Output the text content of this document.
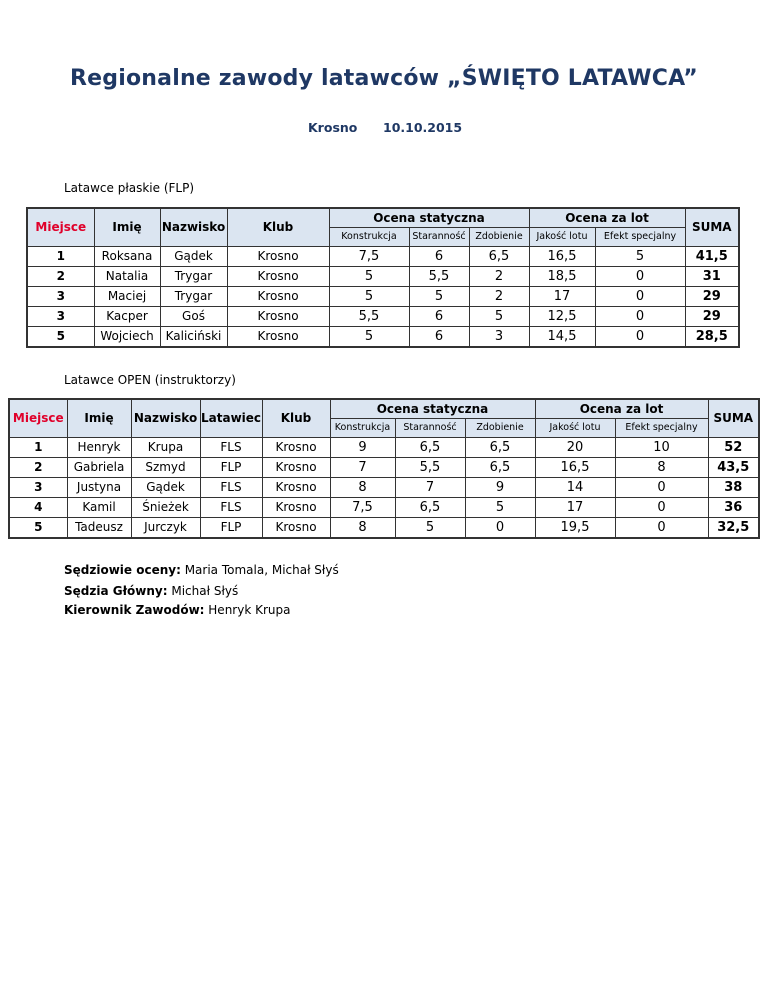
Regionalne zawody latawców „ŚWIĘTO LATAWCA”
Krosno 10.10.2015
Latawce płaskie (FLP)
Miejsce	Imię	Nazwisko	Klub	Ocena statyczna			Ocena za lot		SUMA
				Konstrukcja	Staranność	Zdobienie	Jakość lotu	Efekt specjalny	
1	Roksana	Gądek	Krosno	7,5	6	6,5	16,5	5	41,5
2	Natalia	Trygar	Krosno	5	5,5	2	18,5	0	31
3	Maciej	Trygar	Krosno	5	5	2	17	0	29
3	Kacper	Goś	Krosno	5,5	6	5	12,5	0	29
5	Wojciech	Kaliciński	Krosno	5	6	3	14,5	0	28,5
Latawce OPEN (instruktorzy)
Miejsce	Imię	Nazwisko	Latawiec	Klub	Ocena statyczna			Ocena za lot		SUMA
					Konstrukcja	Staranność	Zdobienie	Jakość lotu	Efekt specjalny	
1	Henryk	Krupa	FLS	Krosno	9	6,5	6,5	20	10	52
2	Gabriela	Szmyd	FLP	Krosno	7	5,5	6,5	16,5	8	43,5
3	Justyna	Gądek	FLS	Krosno	8	7	9	14	0	38
4	Kamil	Śnieżek	FLS	Krosno	7,5	6,5	5	17	0	36
5	Tadeusz	Jurczyk	FLP	Krosno	8	5	0	19,5	0	32,5
Sędziowie oceny: Maria Tomala, Michał Słyś
Sędzia Główny: Michał Słyś
Kierownik Zawodów: Henryk Krupa
